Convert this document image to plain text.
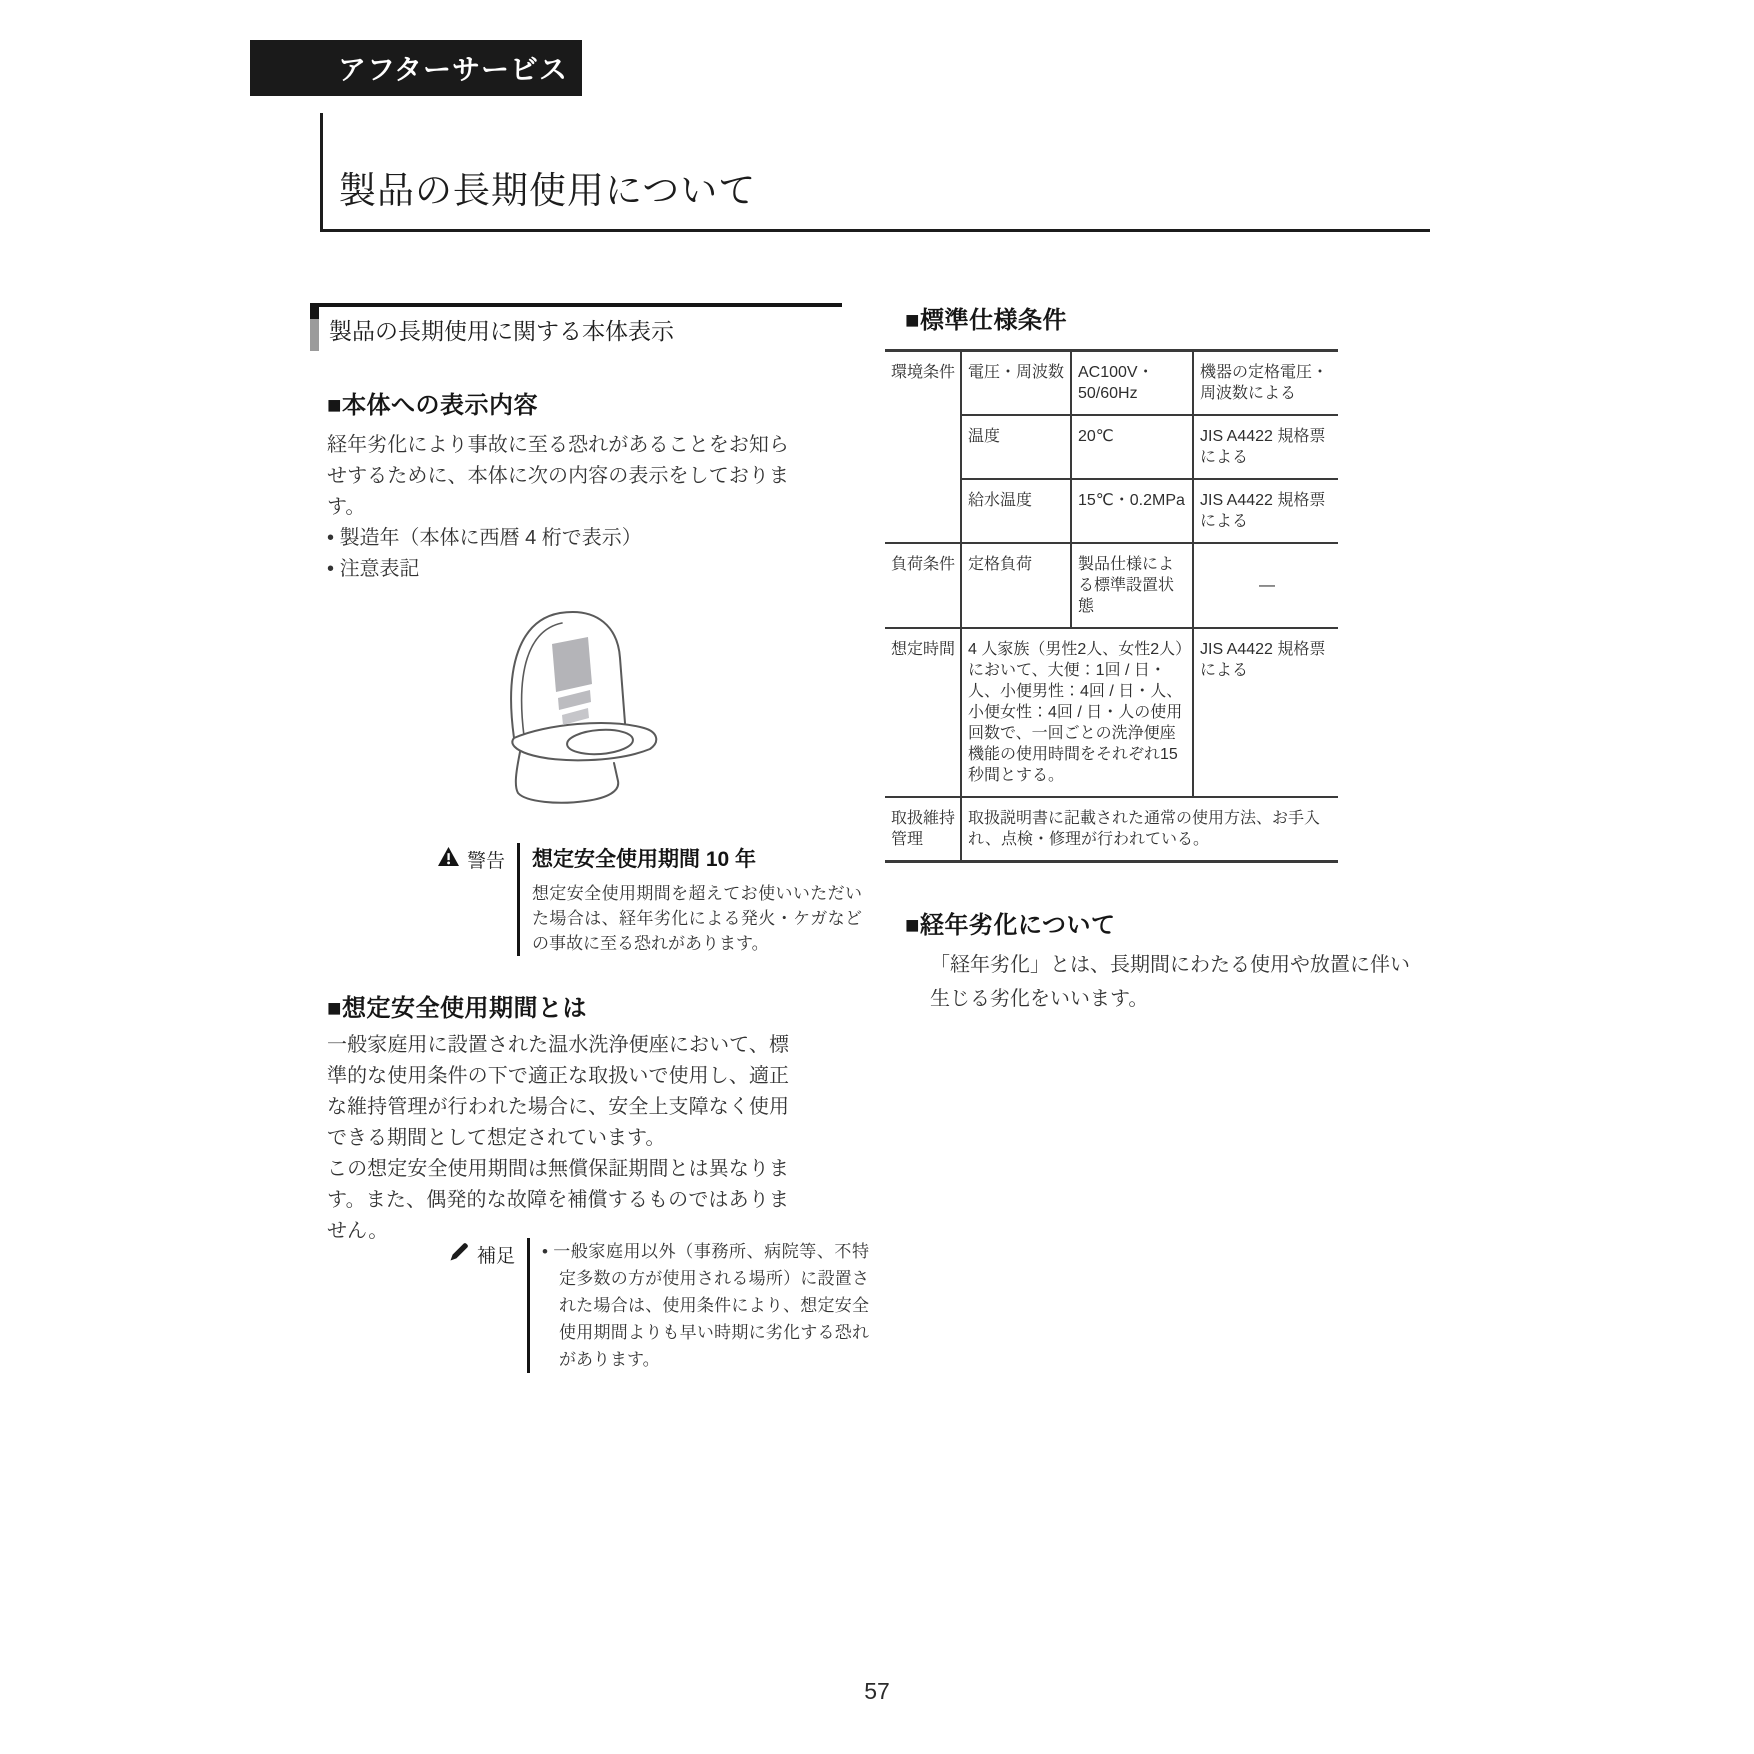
アフターサービス
製品の長期使用について
製品の長期使用に関する本体表示
■本体への表示内容

経年劣化により事故に至る恐れがあることをお知らせするために、本体に次の内容の表示をしております。

• 製造年（本体に西暦 4 桁で表示）
• 注意表記
警告 想定安全使用期間 10 年

想定安全使用期間を超えてお使いいただいた場合は、経年劣化による発火・ケガなどの事故に至る恐れがあります。

■想定安全使用期間とは

一般家庭用に設置された温水洗浄便座において、標準的な使用条件の下で適正な取扱いで使用し、適正な維持管理が行われた場合に、安全上支障なく使用できる期間として想定されています。

この想定安全使用期間は無償保証期間とは異なります。また、偶発的な故障を補償するものではありません。

補足	• 一般家庭用以外（事務所、病院等、不特定多数の方が使用される場所）に設置された場合は、使用条件により、想定安全使用期間よりも早い時期に劣化する恐れがあります。

■標準仕様条件
環境条件	電圧・周波数	AC100V・50/60Hz	機器の定格電圧・周波数による
	温度	20℃	JIS A4422 規格票による
	給水温度	15℃・0.2MPa	JIS A4422 規格票による
負荷条件	定格負荷	製品仕様による標準設置状態	—
想定時間	4 人家族（男性2人、女性2人）において、大便：1回 / 日・人、小便男性：4回 / 日・人、小便女性：4回 / 日・人の使用回数で、一回ごとの洗浄便座機能の使用時間をそれぞれ15 秒間とする。		JIS A4422 規格票による
取扱維持管理	取扱説明書に記載された通常の使用方法、お手入れ、点検・修理が行われている。		
■経年劣化について
「経年劣化」とは、長期間にわたる使用や放置に伴い生じる劣化をいいます。
57
